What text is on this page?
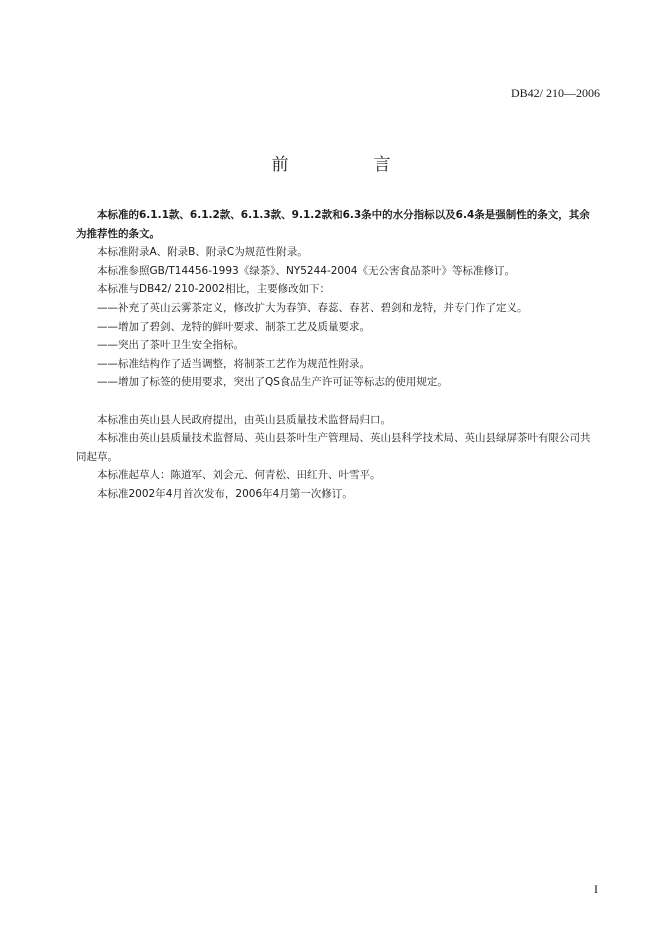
DB42/ 210—2006
前　言

本标准的6.1.1款、6.1.2款、6.1.3款、9.1.2款和6.3条中的水分指标以及6.4条是强制性的条文，其余为推荐性的条文。

本标准附录A、附录B、附录C为规范性附录。

本标准参照GB/T14456-1993《绿茶》、NY5244-2004《无公害食品茶叶》等标准修订。

本标准与DB42/ 210-2002相比，主要修改如下：

——补充了英山云雾茶定义，修改扩大为春笋、春蕊、春茗、碧剑和龙特，并专门作了定义。

——增加了碧剑、龙特的鲜叶要求、制茶工艺及质量要求。

——突出了茶叶卫生安全指标。

——标准结构作了适当调整，将制茶工艺作为规范性附录。

——增加了标签的使用要求，突出了QS食品生产许可证等标志的使用规定。

本标准由英山县人民政府提出，由英山县质量技术监督局归口。

本标准由英山县质量技术监督局、英山县茶叶生产管理局、英山县科学技术局、英山县绿屏茶叶有限公司共同起草。

本标准起草人：陈道军、刘会元、何青松、田红升、叶雪平。

本标准2002年4月首次发布，2006年4月第一次修订。

I
